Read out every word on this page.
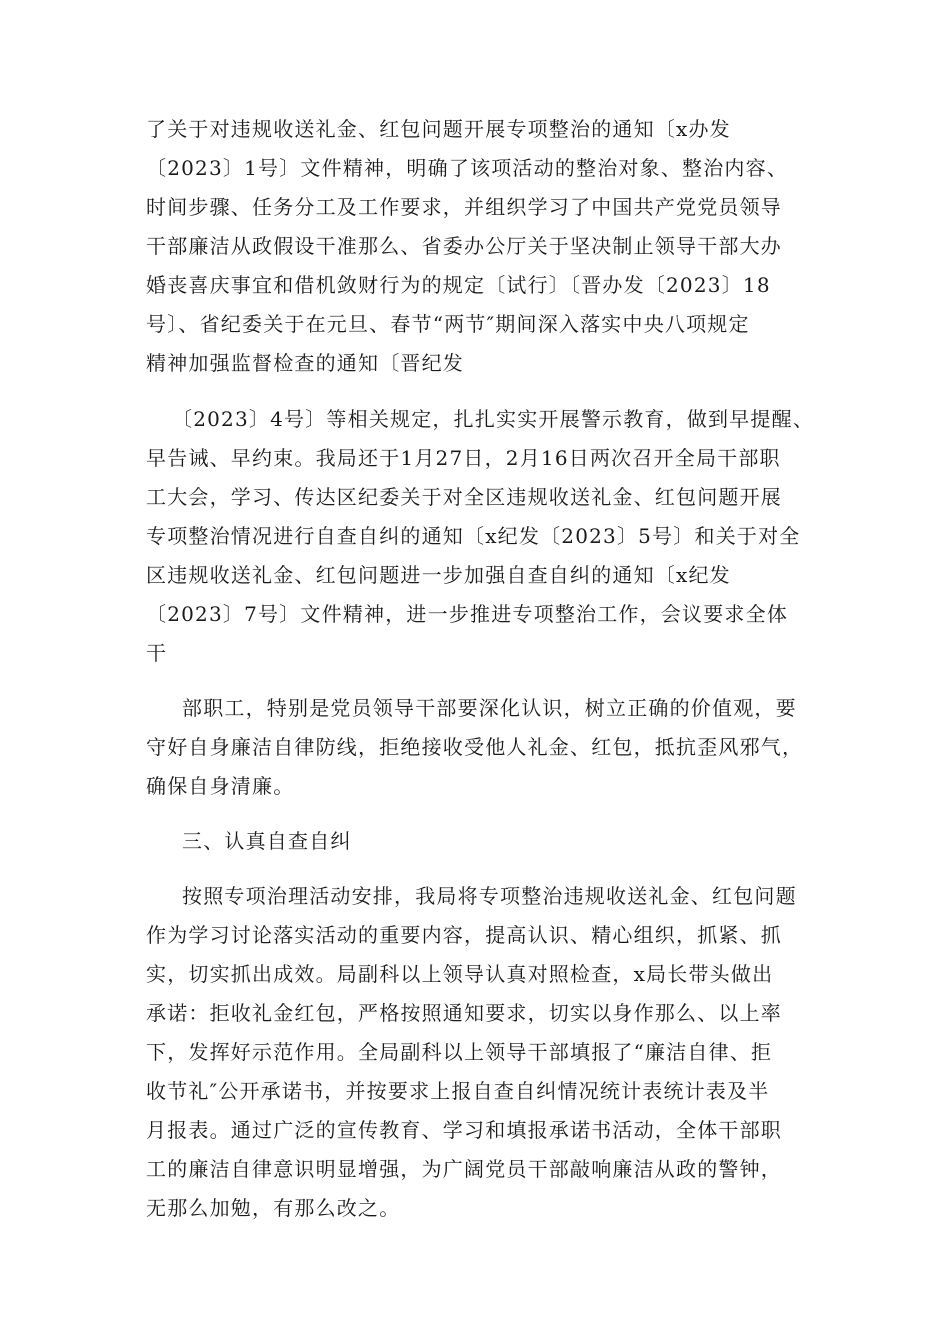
了关于对违规收送礼金、红包问题开展专项整治的通知〔x办发
〔2023〕1号〕文件精神，明确了该项活动的整治对象、整治内容、
时间步骤、任务分工及工作要求，并组织学习了中国共产党党员领导
干部廉洁从政假设干准那么、省委办公厅关于坚决制止领导干部大办
婚丧喜庆事宜和借机敛财行为的规定〔试行〕〔晋办发〔2023〕18
号〕、省纪委关于在元旦、春节“两节″期间深入落实中央八项规定
精神加强监督检查的通知〔晋纪发
〔2023〕4号〕等相关规定，扎扎实实开展警示教育，做到早提醒、
早告诫、早约束。我局还于1月27日，2月16日两次召开全局干部职
工大会，学习、传达区纪委关于对全区违规收送礼金、红包问题开展
专项整治情况进行自查自纠的通知〔x纪发〔2023〕5号〕和关于对全
区违规收送礼金、红包问题进一步加强自查自纠的通知〔x纪发
〔2023〕7号〕文件精神，进一步推进专项整治工作，会议要求全体
干
部职工，特别是党员领导干部要深化认识，树立正确的价值观，要
守好自身廉洁自律防线，拒绝接收受他人礼金、红包，抵抗歪风邪气，
确保自身清廉。
三、认真自查自纠
按照专项治理活动安排，我局将专项整治违规收送礼金、红包问题
作为学习讨论落实活动的重要内容，提高认识、精心组织，抓紧、抓
实，切实抓出成效。局副科以上领导认真对照检查，x局长带头做出
承诺：拒收礼金红包，严格按照通知要求，切实以身作那么、以上率
下，发挥好示范作用。全局副科以上领导干部填报了“廉洁自律、拒
收节礼″公开承诺书，并按要求上报自查自纠情况统计表统计表及半
月报表。通过广泛的宣传教育、学习和填报承诺书活动，全体干部职
工的廉洁自律意识明显增强，为广阔党员干部敲响廉洁从政的警钟，
无那么加勉，有那么改之。
